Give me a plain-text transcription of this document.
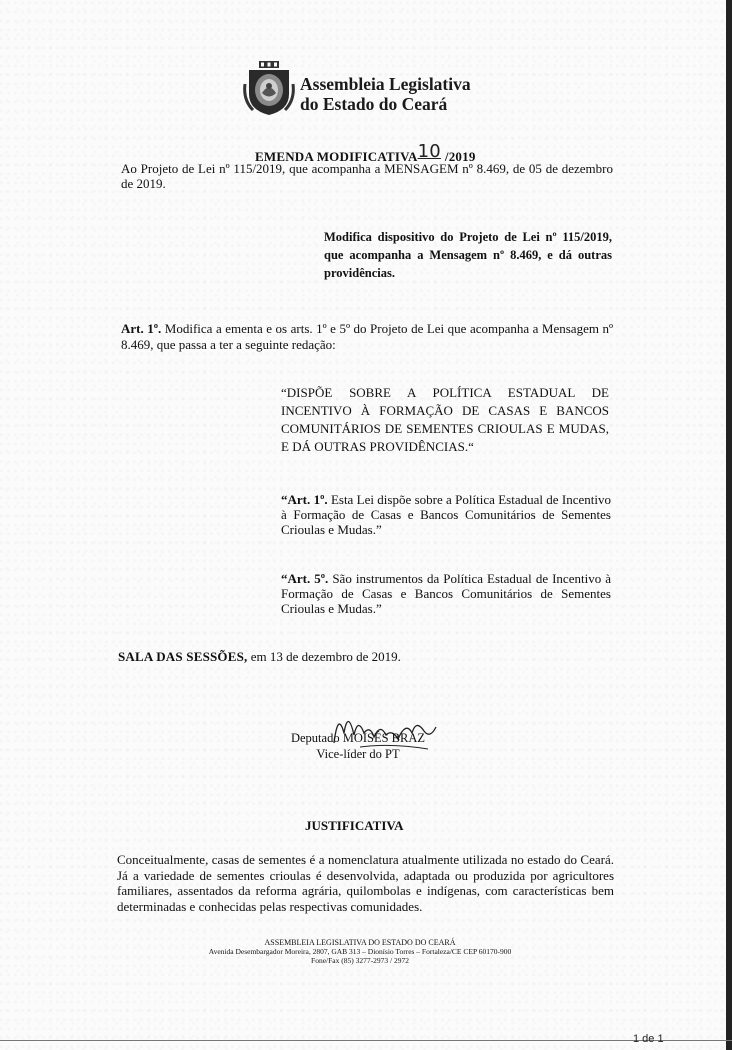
Assembleia Legislativa
do Estado do Ceará
EMENDA MODIFICATIVA10 /2019
Ao Projeto de Lei nº 115/2019, que acompanha a MENSAGEM nº 8.469, de 05 de dezembro de 2019.
Modifica dispositivo do Projeto de Lei nº 115/2019, que acompanha a Mensagem nº 8.469, e dá outras providências.
Art. 1º. Modifica a ementa e os arts. 1º e 5º do Projeto de Lei que acompanha a Mensagem nº 8.469, que passa a ter a seguinte redação:
“DISPÕE SOBRE A POLÍTICA ESTADUAL DE INCENTIVO À FORMAÇÃO DE CASAS E BANCOS COMUNITÁRIOS DE SEMENTES CRIOULAS E MUDAS, E DÁ OUTRAS PROVIDÊNCIAS.“
“Art. 1º. Esta Lei dispõe sobre a Política Estadual de Incentivo à Formação de Casas e Bancos Comunitários de Sementes Crioulas e Mudas.”
“Art. 5º. São instrumentos da Política Estadual de Incentivo à Formação de Casas e Bancos Comunitários de Sementes Crioulas e Mudas.”
SALA DAS SESSÕES, em 13 de dezembro de 2019.
Deputado MOISÉS BRAZ
Vice-líder do PT
JUSTIFICATIVA
Conceitualmente, casas de sementes é a nomenclatura atualmente utilizada no estado do Ceará. Já a variedade de sementes crioulas é desenvolvida, adaptada ou produzida por agricultores familiares, assentados da reforma agrária, quilombolas e indígenas, com características bem determinadas e conhecidas pelas respectivas comunidades.
ASSEMBLEIA LEGISLATIVA DO ESTADO DO CEARÁ
Avenida Desembargador Moreira, 2807, GAB 313 – Dionísio Torres – Fortaleza/CE CEP 60170-900
Fone/Fax (85) 3277-2973 / 2972
1 de 1
